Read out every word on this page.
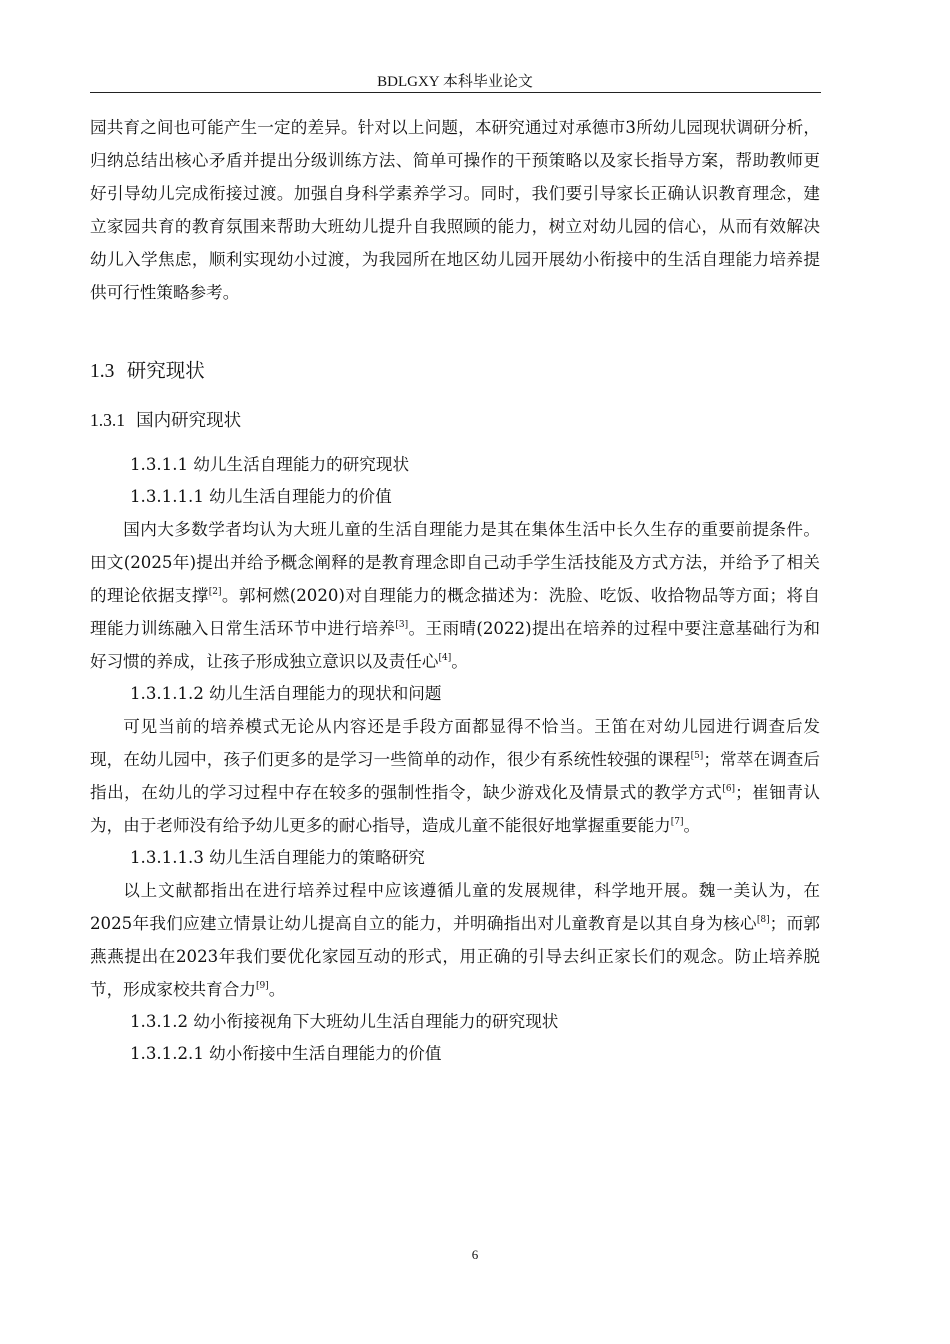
BDLGXY 本科毕业论文

园共育之间也可能产生一定的差异。针对以上问题，本研究通过对承德市3所幼儿园现状调研分析，归纳总结出核心矛盾并提出分级训练方法、简单可操作的干预策略以及家长指导方案，帮助教师更好引导幼儿完成衔接过渡。加强自身科学素养学习。同时，我们要引导家长正确认识教育理念，建立家园共育的教育氛围来帮助大班幼儿提升自我照顾的能力，树立对幼儿园的信心，从而有效解决幼儿入学焦虑，顺利实现幼小过渡，为我园所在地区幼儿园开展幼小衔接中的生活自理能力培养提供可行性策略参考。

1.3 研究现状
1.3.1 国内研究现状

1.3.1.1 幼儿生活自理能力的研究现状

1.3.1.1.1 幼儿生活自理能力的价值

国内大多数学者均认为大班儿童的生活自理能力是其在集体生活中长久生存的重要前提条件。田文(2025年)提出并给予概念阐释的是教育理念即自己动手学生活技能及方式方法，并给予了相关的理论依据支撑[2]。郭柯燃(2020)对自理能力的概念描述为：洗脸、吃饭、收拾物品等方面；将自理能力训练融入日常生活环节中进行培养[3]。王雨晴(2022)提出在培养的过程中要注意基础行为和好习惯的养成，让孩子形成独立意识以及责任心[4]。

1.3.1.1.2 幼儿生活自理能力的现状和问题

可见当前的培养模式无论从内容还是手段方面都显得不恰当。王笛在对幼儿园进行调查后发现，在幼儿园中，孩子们更多的是学习一些简单的动作，很少有系统性较强的课程[5]；常萃在调查后指出，在幼儿的学习过程中存在较多的强制性指令，缺少游戏化及情景式的教学方式[6]；崔钿青认为，由于老师没有给予幼儿更多的耐心指导，造成儿童不能很好地掌握重要能力[7]。

1.3.1.1.3 幼儿生活自理能力的策略研究

以上文献都指出在进行培养过程中应该遵循儿童的发展规律，科学地开展。魏一美认为，在2025年我们应建立情景让幼儿提高自立的能力，并明确指出对儿童教育是以其自身为核心[8]；而郭燕燕提出在2023年我们要优化家园互动的形式，用正确的引导去纠正家长们的观念。防止培养脱节，形成家校共育合力[9]。

1.3.1.2 幼小衔接视角下大班幼儿生活自理能力的研究现状

1.3.1.2.1 幼小衔接中生活自理能力的价值

6
